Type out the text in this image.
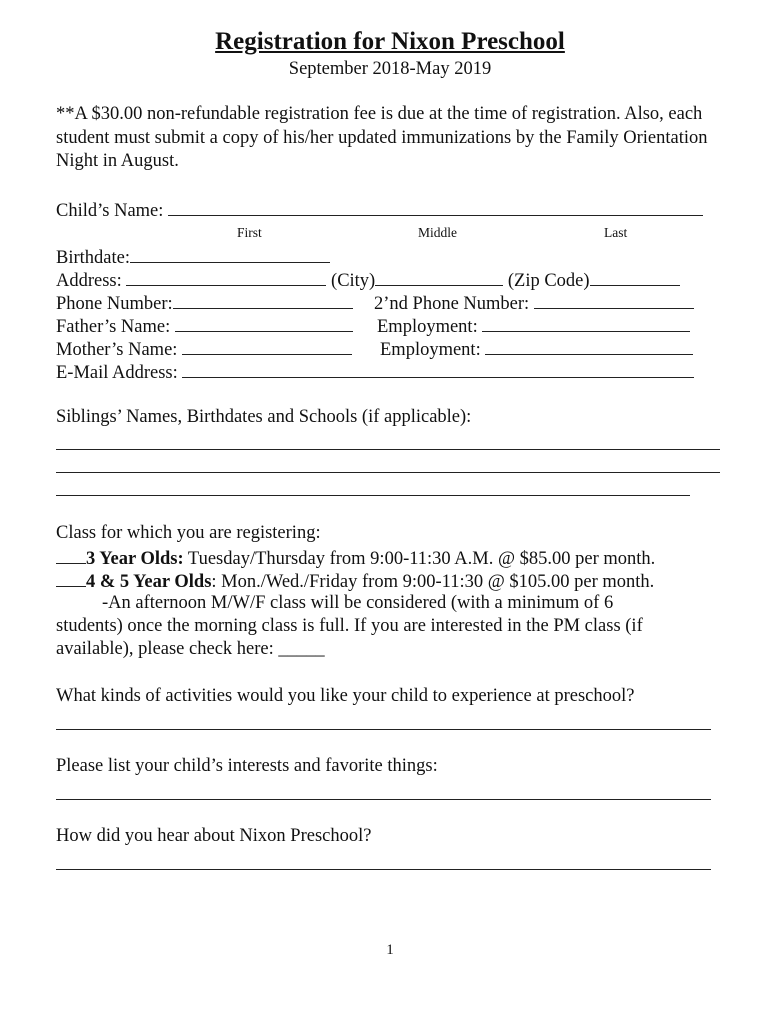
Registration for Nixon Preschool
September 2018-May 2019
**A $30.00 non-refundable registration fee is due at the time of registration. Also, each student must submit a copy of his/her updated immunizations by the Family Orientation Night in August.
Child’s Name:
First	Middle	Last
Birthdate:
Address:	(City)	(Zip Code)
Phone Number:	2’nd Phone Number:
Father’s Name:	Employment:
Mother’s Name:	Employment:
E-Mail Address:
Siblings’ Names, Birthdates and Schools (if applicable):
Class for which you are registering:
3 Year Olds: Tuesday/Thursday from 9:00-11:30 A.M. @ $85.00 per month.
4 & 5 Year Olds: Mon./Wed./Friday from 9:00-11:30 @ $105.00 per month.
-An afternoon M/W/F class will be considered (with a minimum of 6
students) once the morning class is full. If you are interested in the PM class (if
available), please check here: _____
What kinds of activities would you like your child to experience at preschool?
Please list your child’s interests and favorite things:
How did you hear about Nixon Preschool?
1
